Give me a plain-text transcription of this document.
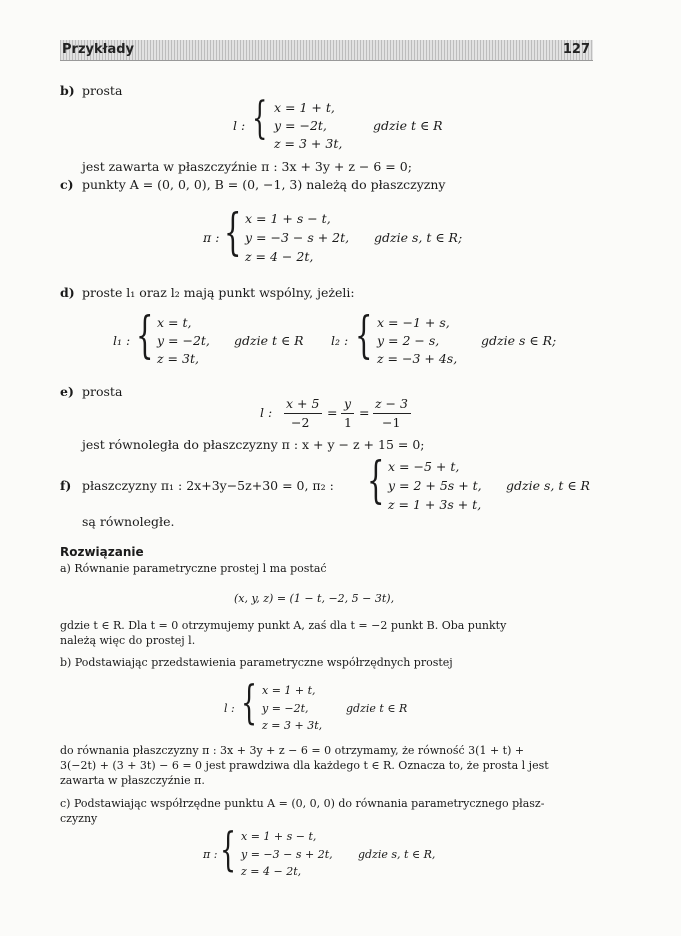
Przykłady	127
b) prosta
l : { x = 1 + t,
y = −2t,
z = 3 + 3t,
gdzie t ∈ R
jest zawarta w płaszczyźnie π : 3x + 3y + z − 6 = 0;
c) punkty A = (0, 0, 0), B = (0, −1, 3) należą do płaszczyzny
π : { x = 1 + s − t,
y = −3 − s + 2t,
z = 4 − 2t,
gdzie s, t ∈ R;
d) proste l₁ oraz l₂ mają punkt wspólny, jeżeli:
l₁ : { x = t,
y = −2t,
z = 3t,
gdzie t ∈ R l₂ : { x = −1 + s,
y = 2 − s,
z = −3 + 4s,
gdzie s ∈ R;
e) prosta
l :
x + 5
−2
=
y
1
=
z − 3
−1
jest równoległa do płaszczyzny π : x + y − z + 15 = 0;
f) płaszczyzny π₁ : 2x+3y−5z+30 = 0, π₂ : { x = −5 + t,
y = 2 + 5s + t,
z = 1 + 3s + t,
gdzie s, t ∈ R
są równoległe.
Rozwiązanie
a) Równanie parametryczne prostej l ma postać
(x, y, z) = (1 − t, −2, 5 − 3t),
gdzie t ∈ R. Dla t = 0 otrzymujemy punkt A, zaś dla t = −2 punkt B. Oba punkty
należą więc do prostej l.
b) Podstawiając przedstawienia parametryczne współrzędnych prostej
l : { x = 1 + t,
y = −2t,
z = 3 + 3t,
gdzie t ∈ R
do równania płaszczyzny π : 3x + 3y + z − 6 = 0 otrzymamy, że równość 3(1 + t) +
3(−2t) + (3 + 3t) − 6 = 0 jest prawdziwa dla każdego t ∈ R. Oznacza to, że prosta l jest
zawarta w płaszczyźnie π.
c) Podstawiając współrzędne punktu A = (0, 0, 0) do równania parametrycznego płasz-
czyzny
π : { x = 1 + s − t,
y = −3 − s + 2t,
z = 4 − 2t,
gdzie s, t ∈ R,
